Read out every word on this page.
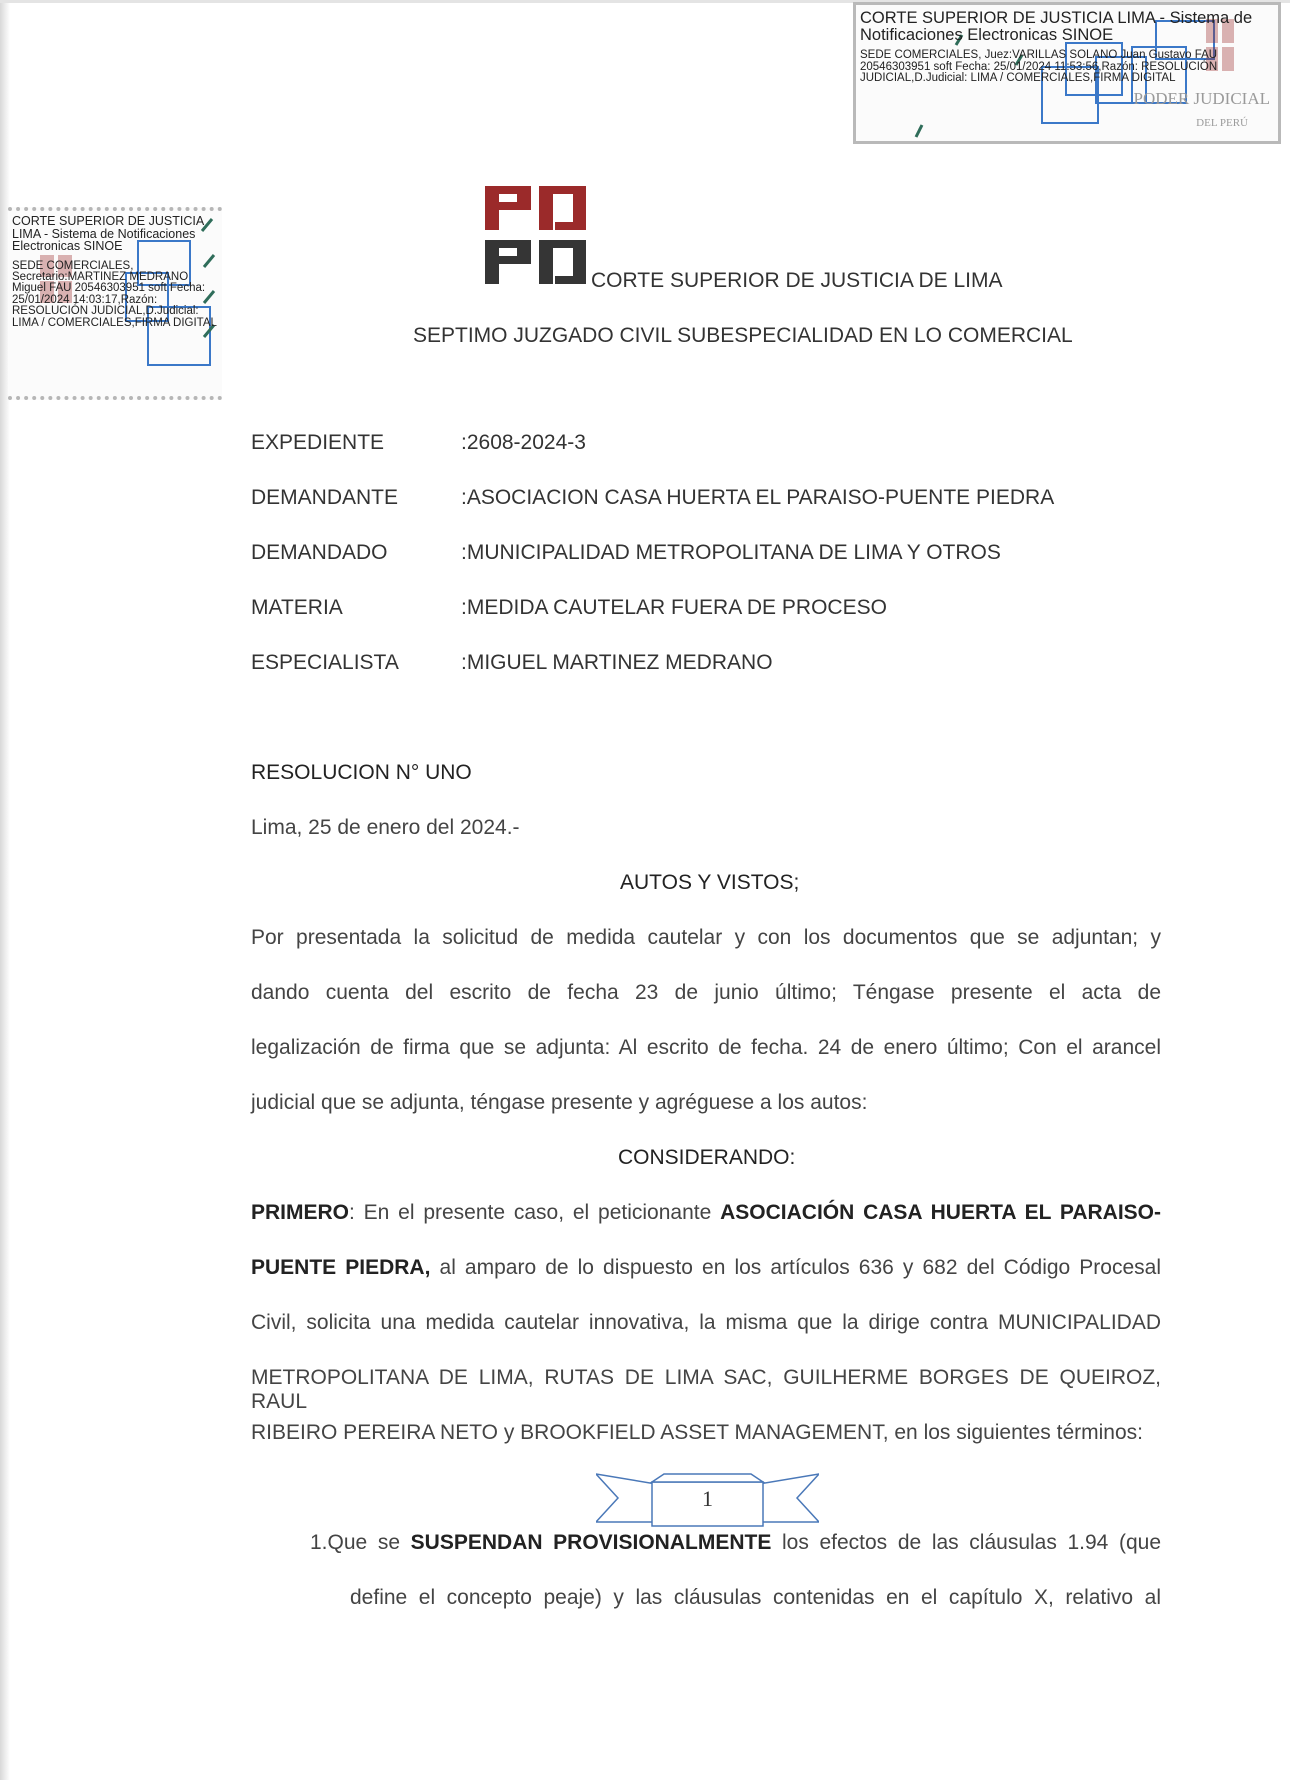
PODER JUDICIAL
DEL PERÚ
CORTE SUPERIOR DE JUSTICIA LIMA - Sistema de Notificaciones Electronicas SINOE
SEDE COMERCIALES, Juez:VARILLAS SOLANO Juan Gustavo FAU 20546303951 soft Fecha: 25/01/2024 11:53:56,Razón: RESOLUCIÓN JUDICIAL,D.Judicial: LIMA / COMERCIALES,FIRMA DIGITAL
CORTE SUPERIOR DE JUSTICIA LIMA - Sistema de Notificaciones Electronicas SINOE
SEDE COMERCIALES, Secretario:MARTINEZ MEDRANO Miguel FAU 20546303951 soft Fecha: 25/01/2024 14:03:17,Razón: RESOLUCIÓN JUDICIAL,D.Judicial: LIMA / COMERCIALES,FIRMA DIGITAL
CORTE SUPERIOR DE JUSTICIA DE LIMA
SEPTIMO JUZGADO CIVIL SUBESPECIALIDAD EN LO COMERCIAL
EXPEDIENTE	:2608-2024-3
DEMANDANTE	:ASOCIACION CASA HUERTA EL PARAISO-PUENTE PIEDRA
DEMANDADO	:MUNICIPALIDAD METROPOLITANA DE LIMA Y OTROS
MATERIA	:MEDIDA CAUTELAR FUERA DE PROCESO
ESPECIALISTA	:MIGUEL MARTINEZ MEDRANO
RESOLUCION N° UNO
Lima, 25 de enero del 2024.-
AUTOS Y VISTOS;
Por presentada la solicitud de medida cautelar y con los documentos que se adjuntan; y
dando cuenta del escrito de fecha 23 de junio último; Téngase presente el acta de
legalización de firma que se adjunta: Al escrito de fecha. 24 de enero último; Con el arancel
judicial que se adjunta, téngase presente y agréguese a los autos:
CONSIDERANDO:
PRIMERO: En el presente caso, el peticionante ASOCIACIÓN CASA HUERTA EL PARAISO-
PUENTE PIEDRA, al amparo de lo dispuesto en los artículos 636 y 682 del Código Procesal
Civil, solicita una medida cautelar innovativa, la misma que la dirige contra MUNICIPALIDAD
METROPOLITANA DE LIMA, RUTAS DE LIMA SAC, GUILHERME BORGES DE QUEIROZ, RAUL
RIBEIRO PEREIRA NETO y BROOKFIELD ASSET MANAGEMENT, en los siguientes términos:
1.Que se SUSPENDAN PROVISIONALMENTE los efectos de las cláusulas 1.94 (que
define el concepto peaje) y las cláusulas contenidas en el capítulo X, relativo al
1
